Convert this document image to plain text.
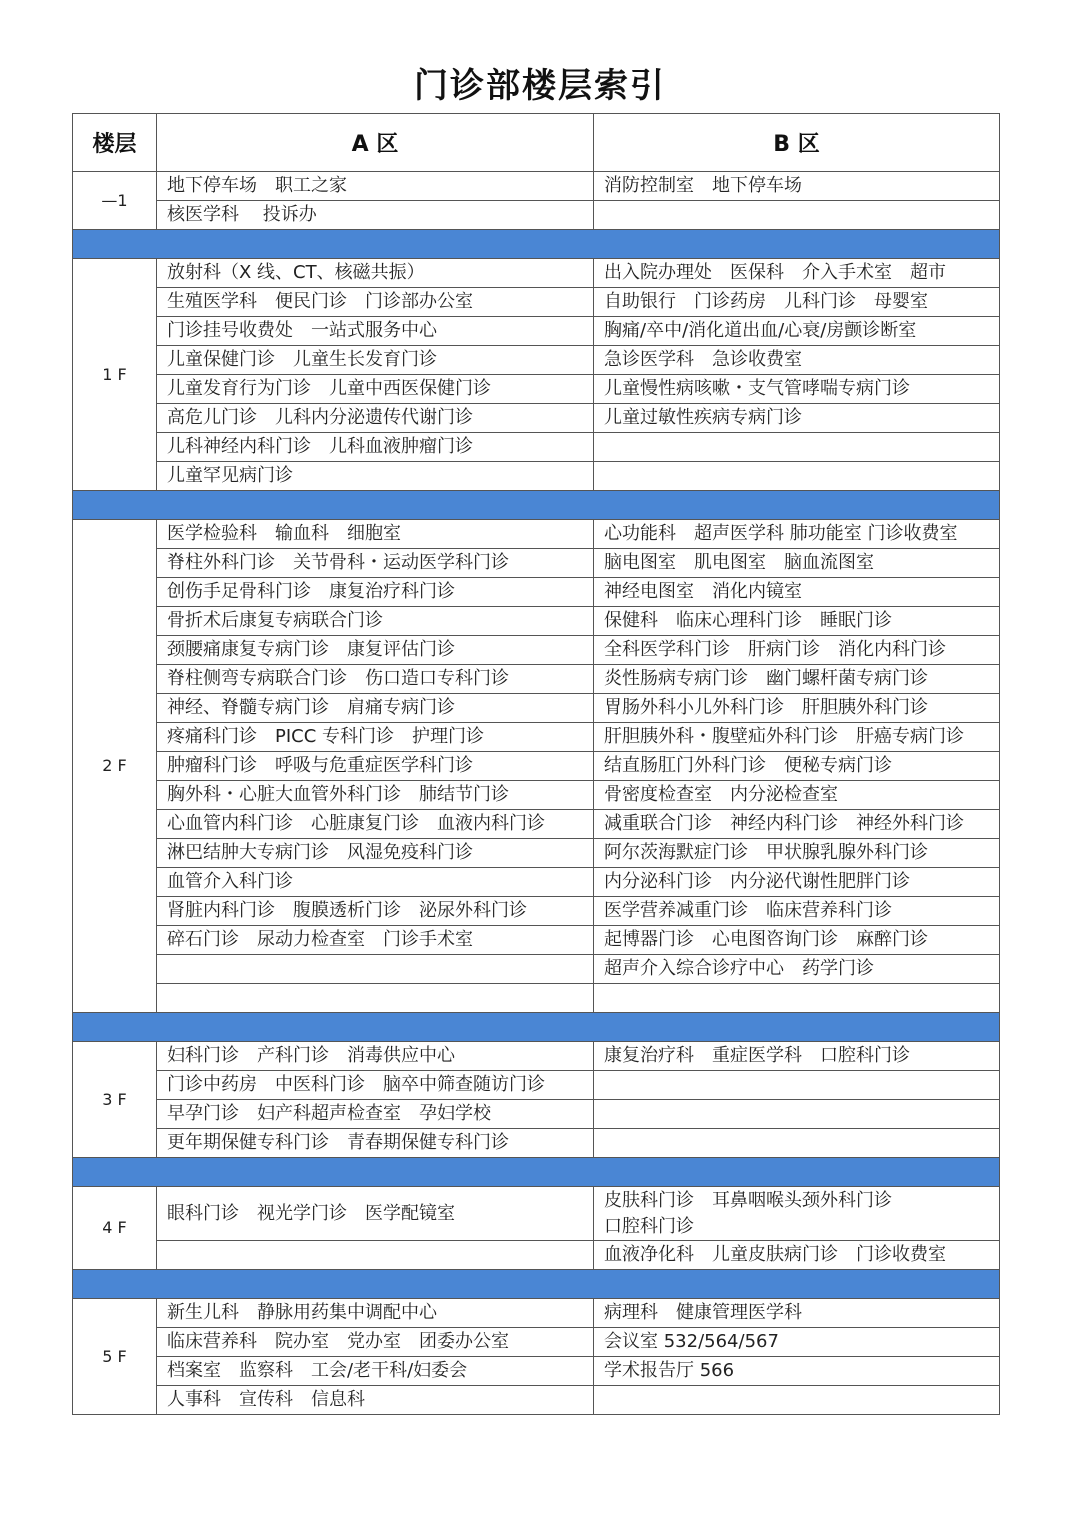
门诊部楼层索引
楼层	A 区	B 区
—1	地下停车场　职工之家	消防控制室　地下停车场
	核医学科　 投诉办	

1 F	放射科（X 线、CT、核磁共振）	出入院办理处　医保科　介入手术室　超市
	生殖医学科　便民门诊　门诊部办公室	自助银行　门诊药房　儿科门诊　母婴室
	门诊挂号收费处　一站式服务中心	胸痛/卒中/消化道出血/心衰/房颤诊断室
	儿童保健门诊　儿童生长发育门诊	急诊医学科　急诊收费室
	儿童发育行为门诊　儿童中西医保健门诊	儿童慢性病咳嗽・支气管哮喘专病门诊
	高危儿门诊　儿科内分泌遗传代谢门诊	儿童过敏性疾病专病门诊
	儿科神经内科门诊　儿科血液肿瘤门诊	
	儿童罕见病门诊	

2 F	医学检验科　输血科　细胞室	心功能科　超声医学科 肺功能室 门诊收费室
	脊柱外科门诊　关节骨科・运动医学科门诊	脑电图室　肌电图室　脑血流图室
	创伤手足骨科门诊　康复治疗科门诊	神经电图室　消化内镜室
	骨折术后康复专病联合门诊	保健科　临床心理科门诊　睡眠门诊
	颈腰痛康复专病门诊　康复评估门诊	全科医学科门诊　肝病门诊　消化内科门诊
	脊柱侧弯专病联合门诊　伤口造口专科门诊	炎性肠病专病门诊　幽门螺杆菌专病门诊
	神经、脊髓专病门诊　肩痛专病门诊	胃肠外科小儿外科门诊　肝胆胰外科门诊
	疼痛科门诊　PICC 专科门诊　护理门诊	肝胆胰外科・腹壁疝外科门诊　肝癌专病门诊
	肿瘤科门诊　呼吸与危重症医学科门诊	结直肠肛门外科门诊　便秘专病门诊
	胸外科・心脏大血管外科门诊　肺结节门诊	骨密度检查室　内分泌检查室
	心血管内科门诊　心脏康复门诊　血液内科门诊	减重联合门诊　神经内科门诊　神经外科门诊
	淋巴结肿大专病门诊　风湿免疫科门诊	阿尔茨海默症门诊　甲状腺乳腺外科门诊
	血管介入科门诊	内分泌科门诊　内分泌代谢性肥胖门诊
	肾脏内科门诊　腹膜透析门诊　泌尿外科门诊	医学营养减重门诊　临床营养科门诊
	碎石门诊　尿动力检查室　门诊手术室	起博器门诊　心电图咨询门诊　麻醉门诊
		超声介入综合诊疗中心　药学门诊

3 F	妇科门诊　产科门诊　消毒供应中心	康复治疗科　重症医学科　口腔科门诊
	门诊中药房　中医科门诊　脑卒中筛查随访门诊	
	早孕门诊　妇产科超声检查室　孕妇学校	
	更年期保健专科门诊　青春期保健专科门诊	

4 F	眼科门诊　视光学门诊　医学配镜室	皮肤科门诊　耳鼻咽喉头颈外科门诊
口腔科门诊
		血液净化科　儿童皮肤病门诊　门诊收费室

5 F	新生儿科　静脉用药集中调配中心	病理科　健康管理医学科
	临床营养科　院办室　党办室　团委办公室	会议室 532/564/567
	档案室　监察科　工会/老干科/妇委会	学术报告厅 566
	人事科　宣传科　信息科	
